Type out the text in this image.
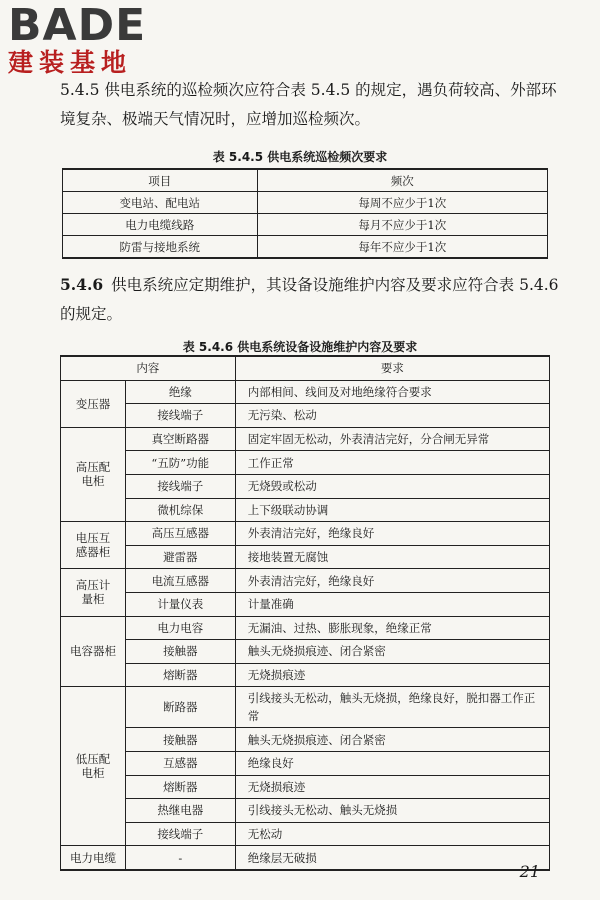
BADE
建装基地

5.4.5 供电系统的巡检频次应符合表 5.4.5 的规定，遇负荷较高、外部环境复杂、极端天气情况时，应增加巡检频次。

表 5.4.5 供电系统巡检频次要求
项目	频次
变电站、配电站	每周不应少于1次
电力电缆线路	每月不应少于1次
防雷与接地系统	每年不应少于1次

5.4.6 供电系统应定期维护，其设备设施维护内容及要求应符合表 5.4.6 的规定。

表 5.4.6 供电系统设备设施维护内容及要求
内容		要求
变压器	绝缘	内部相间、线间及对地绝缘符合要求
	接线端子	无污染、松动
高压配电柜	真空断路器	固定牢固无松动，外表清洁完好，分合闸无异常
	“五防”功能	工作正常
	接线端子	无烧毁或松动
	微机综保	上下级联动协调
电压互感器柜	高压互感器	外表清洁完好，绝缘良好
	避雷器	接地装置无腐蚀
高压计量柜	电流互感器	外表清洁完好，绝缘良好
	计量仪表	计量准确
电容器柜	电力电容	无漏油、过热、膨胀现象，绝缘正常
	接触器	触头无烧损痕迹、闭合紧密
	熔断器	无烧损痕迹
低压配电柜	断路器	引线接头无松动，触头无烧损，绝缘良好，脱扣器工作正常
	接触器	触头无烧损痕迹、闭合紧密
	互感器	绝缘良好
	熔断器	无烧损痕迹
	热继电器	引线接头无松动、触头无烧损
	接线端子	无松动
电力电缆	-	绝缘层无破损
21
